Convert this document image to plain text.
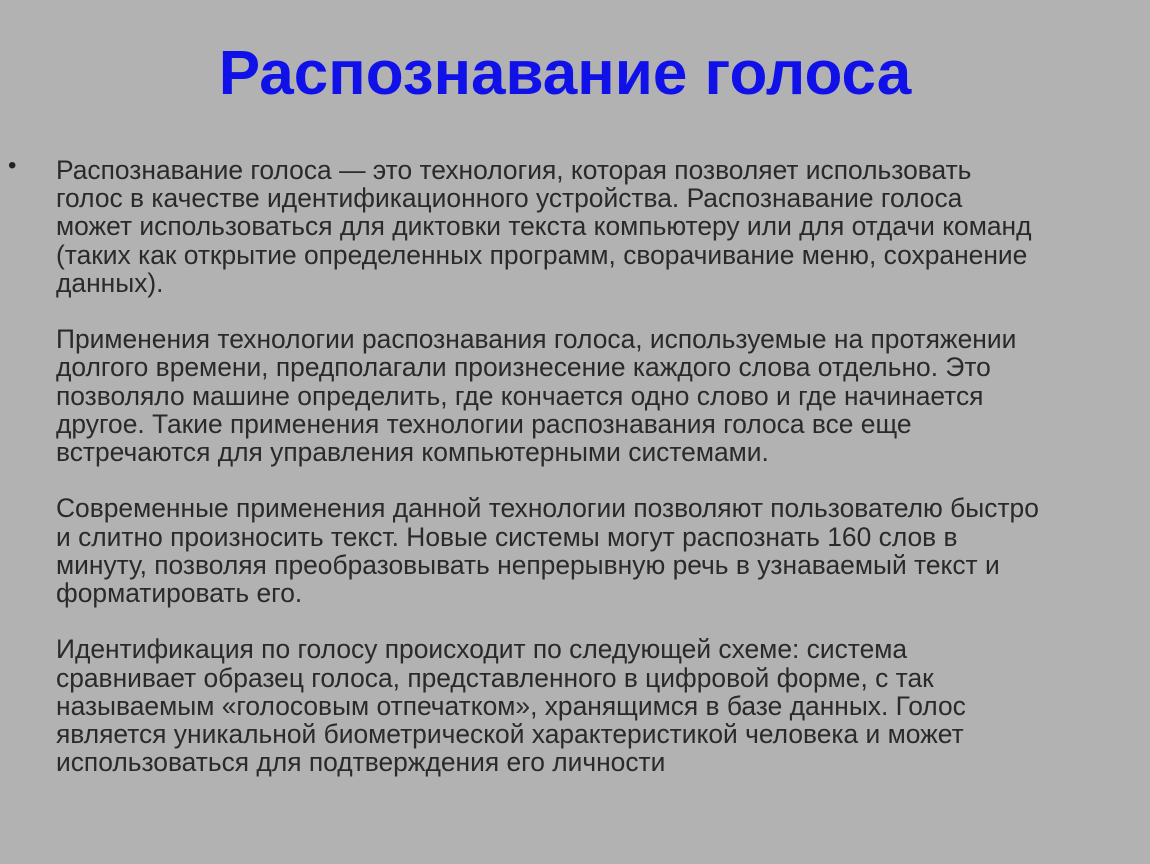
Распознавание голоса
•	Распознавание голоса — это технология, которая позволяет использовать
голос в качестве идентификационного устройства. Распознавание голоса
может использоваться для диктовки текста компьютеру или для отдачи команд
(таких как открытие определенных программ, сворачивание меню, сохранение
данных).

Применения технологии распознавания голоса, используемые на протяжении
долгого времени, предполагали произнесение каждого слова отдельно. Это
позволяло машине определить, где кончается одно слово и где начинается
другое. Такие применения технологии распознавания голоса все еще
встречаются для управления компьютерными системами.

Современные применения данной технологии позволяют пользователю быстро
и слитно произносить текст. Новые системы могут распознать 160 слов в
минуту, позволяя преобразовывать непрерывную речь в узнаваемый текст и
форматировать его.

Идентификация по голосу происходит по следующей схеме: система
сравнивает образец голоса, представленного в цифровой форме, с так
называемым «голосовым отпечатком», хранящимся в базе данных. Голос
является уникальной биометрической характеристикой человека и может
использоваться для подтверждения его личности
